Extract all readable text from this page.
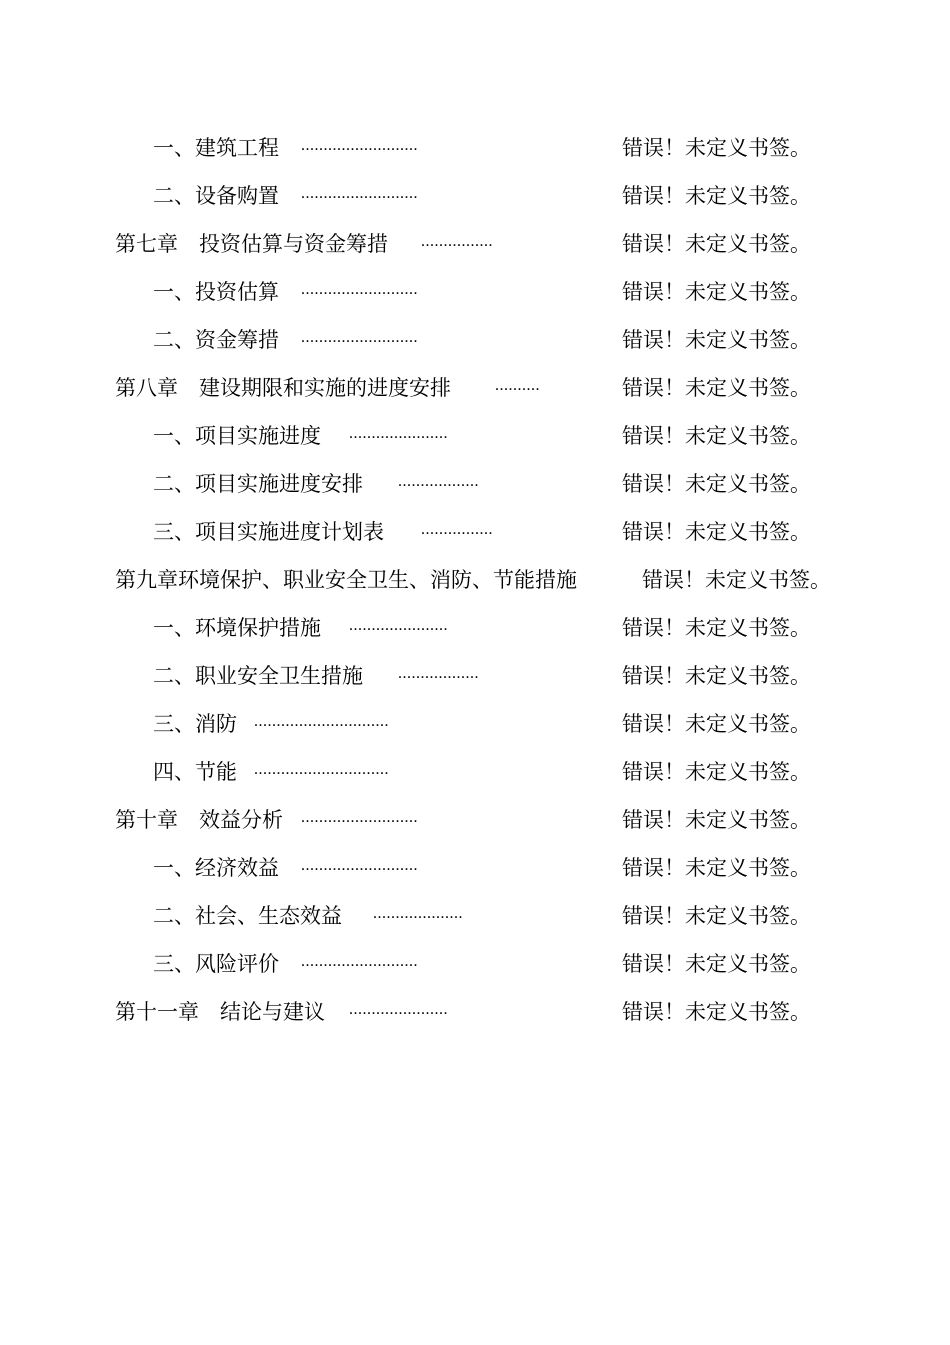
一、建筑工程 ..........................	错误！未定义书签。
二、设备购置 ..........................	错误！未定义书签。
第七章　投资估算与资金筹措 ................	错误！未定义书签。
一、投资估算 ..........................	错误！未定义书签。
二、资金筹措 ..........................	错误！未定义书签。
第八章　建设期限和实施的进度安排	..........	错误！未定义书签。
一、项目实施进度 ......................	错误！未定义书签。
二、项目实施进度安排 ..................	错误！未定义书签。
三、项目实施进度计划表 ................	错误！未定义书签。
第九章环境保护、职业安全卫生、消防、节能措施	错误！未定义书签。
一、环境保护措施 ......................	错误！未定义书签。
二、职业安全卫生措施 ..................	错误！未定义书签。
三、消防 ..............................	错误！未定义书签。
四、节能 ..............................	错误！未定义书签。
第十章　效益分析 ..........................	错误！未定义书签。
一、经济效益 ..........................	错误！未定义书签。
二、社会、生态效益 ....................	错误！未定义书签。
三、风险评价 ..........................	错误！未定义书签。
第十一章　结论与建议 ......................	错误！未定义书签。
